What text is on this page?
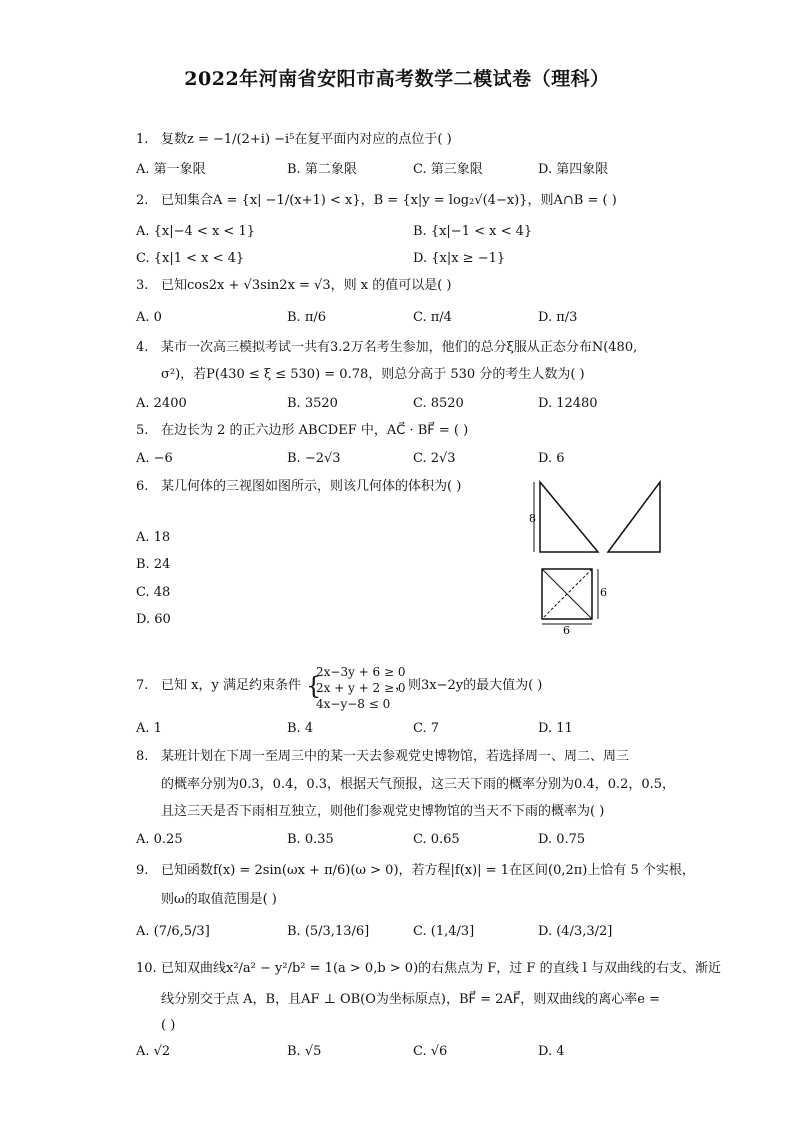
2022年河南省安阳市高考数学二模试卷（理科）
1. 复数z = −1/(2+i) −i⁵在复平面内对应的点位于( )
A. 第一象限	B. 第二象限	C. 第三象限	D. 第四象限
2. 已知集合A = {x| −1/(x+1) < x}，B = {x|y = log₂√(4−x)}，则A∩B = ( )
A. {x|−4 < x < 1}	B. {x|−1 < x < 4}
C. {x|1 < x < 4}	D. {x|x ≥ −1}
3. 已知cos2x + √3sin2x = √3，则 x 的值可以是( )
A. 0	B. π/6	C. π/4	D. π/3
4. 某市一次高三模拟考试一共有3.2万名考生参加，他们的总分ξ服从正态分布N(480,
σ²)，若P(430 ≤ ξ ≤ 530) = 0.78，则总分高于 530 分的考生人数为( )
A. 2400	B. 3520	C. 8520	D. 12480
5. 在边长为 2 的正六边形 ABCDEF 中，AC⃗ · BF⃗ = ( )
A. −6	B. −2√3	C. 2√3	D. 6
6. 某几何体的三视图如图所示，则该几何体的体积为( )
A. 18
B. 24
C. 48
D. 60
8
6
6
7. 已知 x，y 满足约束条件	，则3x−2y的最大值为( )
{
2x−3y + 6 ≥ 0
2x + y + 2 ≥ 0
4x−y−8 ≤ 0
A. 1	B. 4	C. 7	D. 11
8. 某班计划在下周一至周三中的某一天去参观党史博物馆，若选择周一、周二、周三
的概率分别为0.3，0.4，0.3，根据天气预报，这三天下雨的概率分别为0.4，0.2，0.5，
且这三天是否下雨相互独立，则他们参观党史博物馆的当天不下雨的概率为( )
A. 0.25	B. 0.35	C. 0.65	D. 0.75
9. 已知函数f(x) = 2sin(ωx + π/6)(ω > 0)，若方程|f(x)| = 1在区间(0,2π)上恰有 5 个实根，
则ω的取值范围是( )
A. (7/6,5/3]	B. (5/3,13/6]	C. (1,4/3]	D. (4/3,3/2]
10. 已知双曲线x²/a² − y²/b² = 1(a > 0,b > 0)的右焦点为 F，过 F 的直线 l 与双曲线的右支、渐近
线分别交于点 A，B，且AF ⊥ OB(O为坐标原点)，BF⃗ = 2AF⃗，则双曲线的离心率e =
( )
A. √2	B. √5	C. √6	D. 4
